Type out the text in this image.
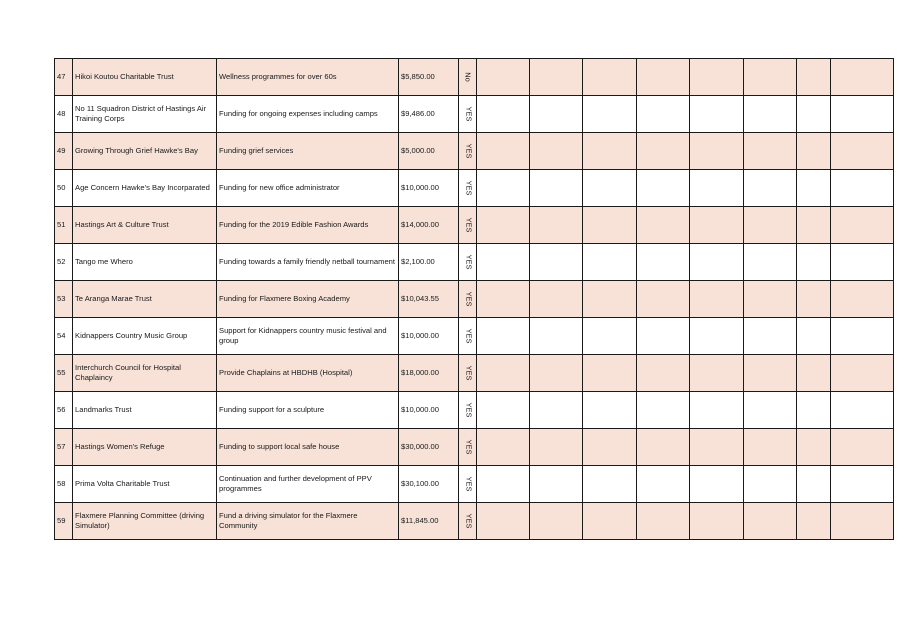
47	Hikoi Koutou Charitable Trust	Wellness programmes for over 60s	$5,850.00	No								
48	No 11 Squadron District of Hastings Air Training Corps	Funding for ongoing expenses including camps	$9,486.00	YES								
49	Growing Through Grief Hawke's Bay	Funding grief services	$5,000.00	YES								
50	Age Concern Hawke's Bay Incorparated	Funding for new office administrator	$10,000.00	YES								
51	Hastings Art & Culture Trust	Funding for the 2019 Edible Fashion Awards	$14,000.00	YES								
52	Tango me Whero	Funding towards a family friendly netball tournament	$2,100.00	YES								
53	Te Aranga Marae Trust	Funding for Flaxmere Boxing Academy	$10,043.55	YES								
54	Kidnappers Country Music Group	Support for Kidnappers country music festival and group	$10,000.00	YES								
55	Interchurch Council for Hospital Chaplaincy	Provide Chaplains at HBDHB (Hospital)	$18,000.00	YES								
56	Landmarks Trust	Funding support for a sculpture	$10,000.00	YES								
57	Hastings Women's Refuge	Funding to support local safe house	$30,000.00	YES								
58	Prima Volta Charitable Trust	Continuation and further development of PPV programmes	$30,100.00	YES								
59	Flaxmere Planning Committee (driving Simulator)	Fund a driving simulator for the Flaxmere Community	$11,845.00	YES								
